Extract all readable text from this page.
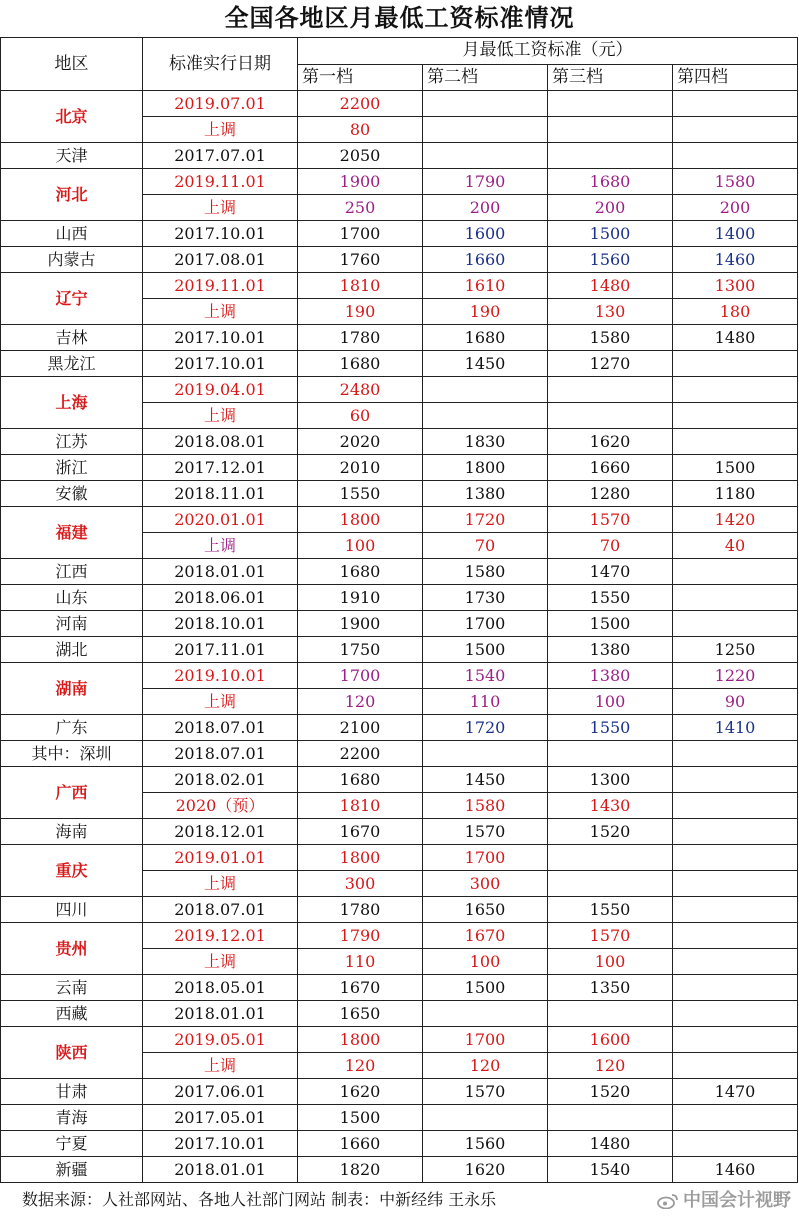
全国各地区月最低工资标准情况
地区	标准实行日期	月最低工资标准（元）			
		第一档	第二档	第三档	第四档
北京	2019.07.01	2200			
	上调	80			
天津	2017.07.01	2050			
河北	2019.11.01	1900	1790	1680	1580
	上调	250	200	200	200
山西	2017.10.01	1700	1600	1500	1400
内蒙古	2017.08.01	1760	1660	1560	1460
辽宁	2019.11.01	1810	1610	1480	1300
	上调	190	190	130	180
吉林	2017.10.01	1780	1680	1580	1480
黑龙江	2017.10.01	1680	1450	1270	
上海	2019.04.01	2480			
	上调	60			
江苏	2018.08.01	2020	1830	1620	
浙江	2017.12.01	2010	1800	1660	1500
安徽	2018.11.01	1550	1380	1280	1180
福建	2020.01.01	1800	1720	1570	1420
	上调	100	70	70	40
江西	2018.01.01	1680	1580	1470	
山东	2018.06.01	1910	1730	1550	
河南	2018.10.01	1900	1700	1500	
湖北	2017.11.01	1750	1500	1380	1250
湖南	2019.10.01	1700	1540	1380	1220
	上调	120	110	100	90
广东	2018.07.01	2100	1720	1550	1410
其中：深圳	2018.07.01	2200			
广西	2018.02.01	1680	1450	1300	
	2020（预）	1810	1580	1430	
海南	2018.12.01	1670	1570	1520	
重庆	2019.01.01	1800	1700		
	上调	300	300		
四川	2018.07.01	1780	1650	1550	
贵州	2019.12.01	1790	1670	1570	
	上调	110	100	100	
云南	2018.05.01	1670	1500	1350	
西藏	2018.01.01	1650			
陕西	2019.05.01	1800	1700	1600	
	上调	120	120	120	
甘肃	2017.06.01	1620	1570	1520	1470
青海	2017.05.01	1500			
宁夏	2017.10.01	1660	1560	1480	
新疆	2018.01.01	1820	1620	1540	1460
数据来源：人社部网站、各地人社部门网站 制表：中新经纬 王永乐	中国会计视野
